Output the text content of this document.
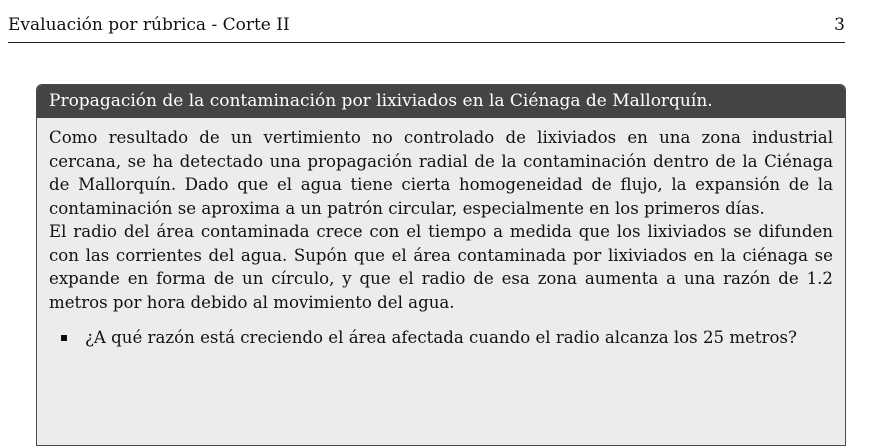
Evaluación por rúbrica - Corte II	3
Propagación de la contaminación por lixiviados en la Ciénaga de Mallorquín.

Como resultado de un vertimiento no controlado de lixiviados en una zona industrial cercana, se ha detectado una propagación radial de la contaminación dentro de la Ciénaga de Mallorquín. Dado que el agua tiene cierta homogeneidad de flujo, la expansión de la contaminación se aproxima a un patrón circular, especialmente en los primeros días.

El radio del área contaminada crece con el tiempo a medida que los lixiviados se difunden con las corrientes del agua. Supón que el área contaminada por lixiviados en la ciénaga se expande en forma de un círculo, y que el radio de esa zona aumenta a una razón de 1.2 metros por hora debido al movimiento del agua.

¿A qué razón está creciendo el área afectada cuando el radio alcanza los 25 metros?
